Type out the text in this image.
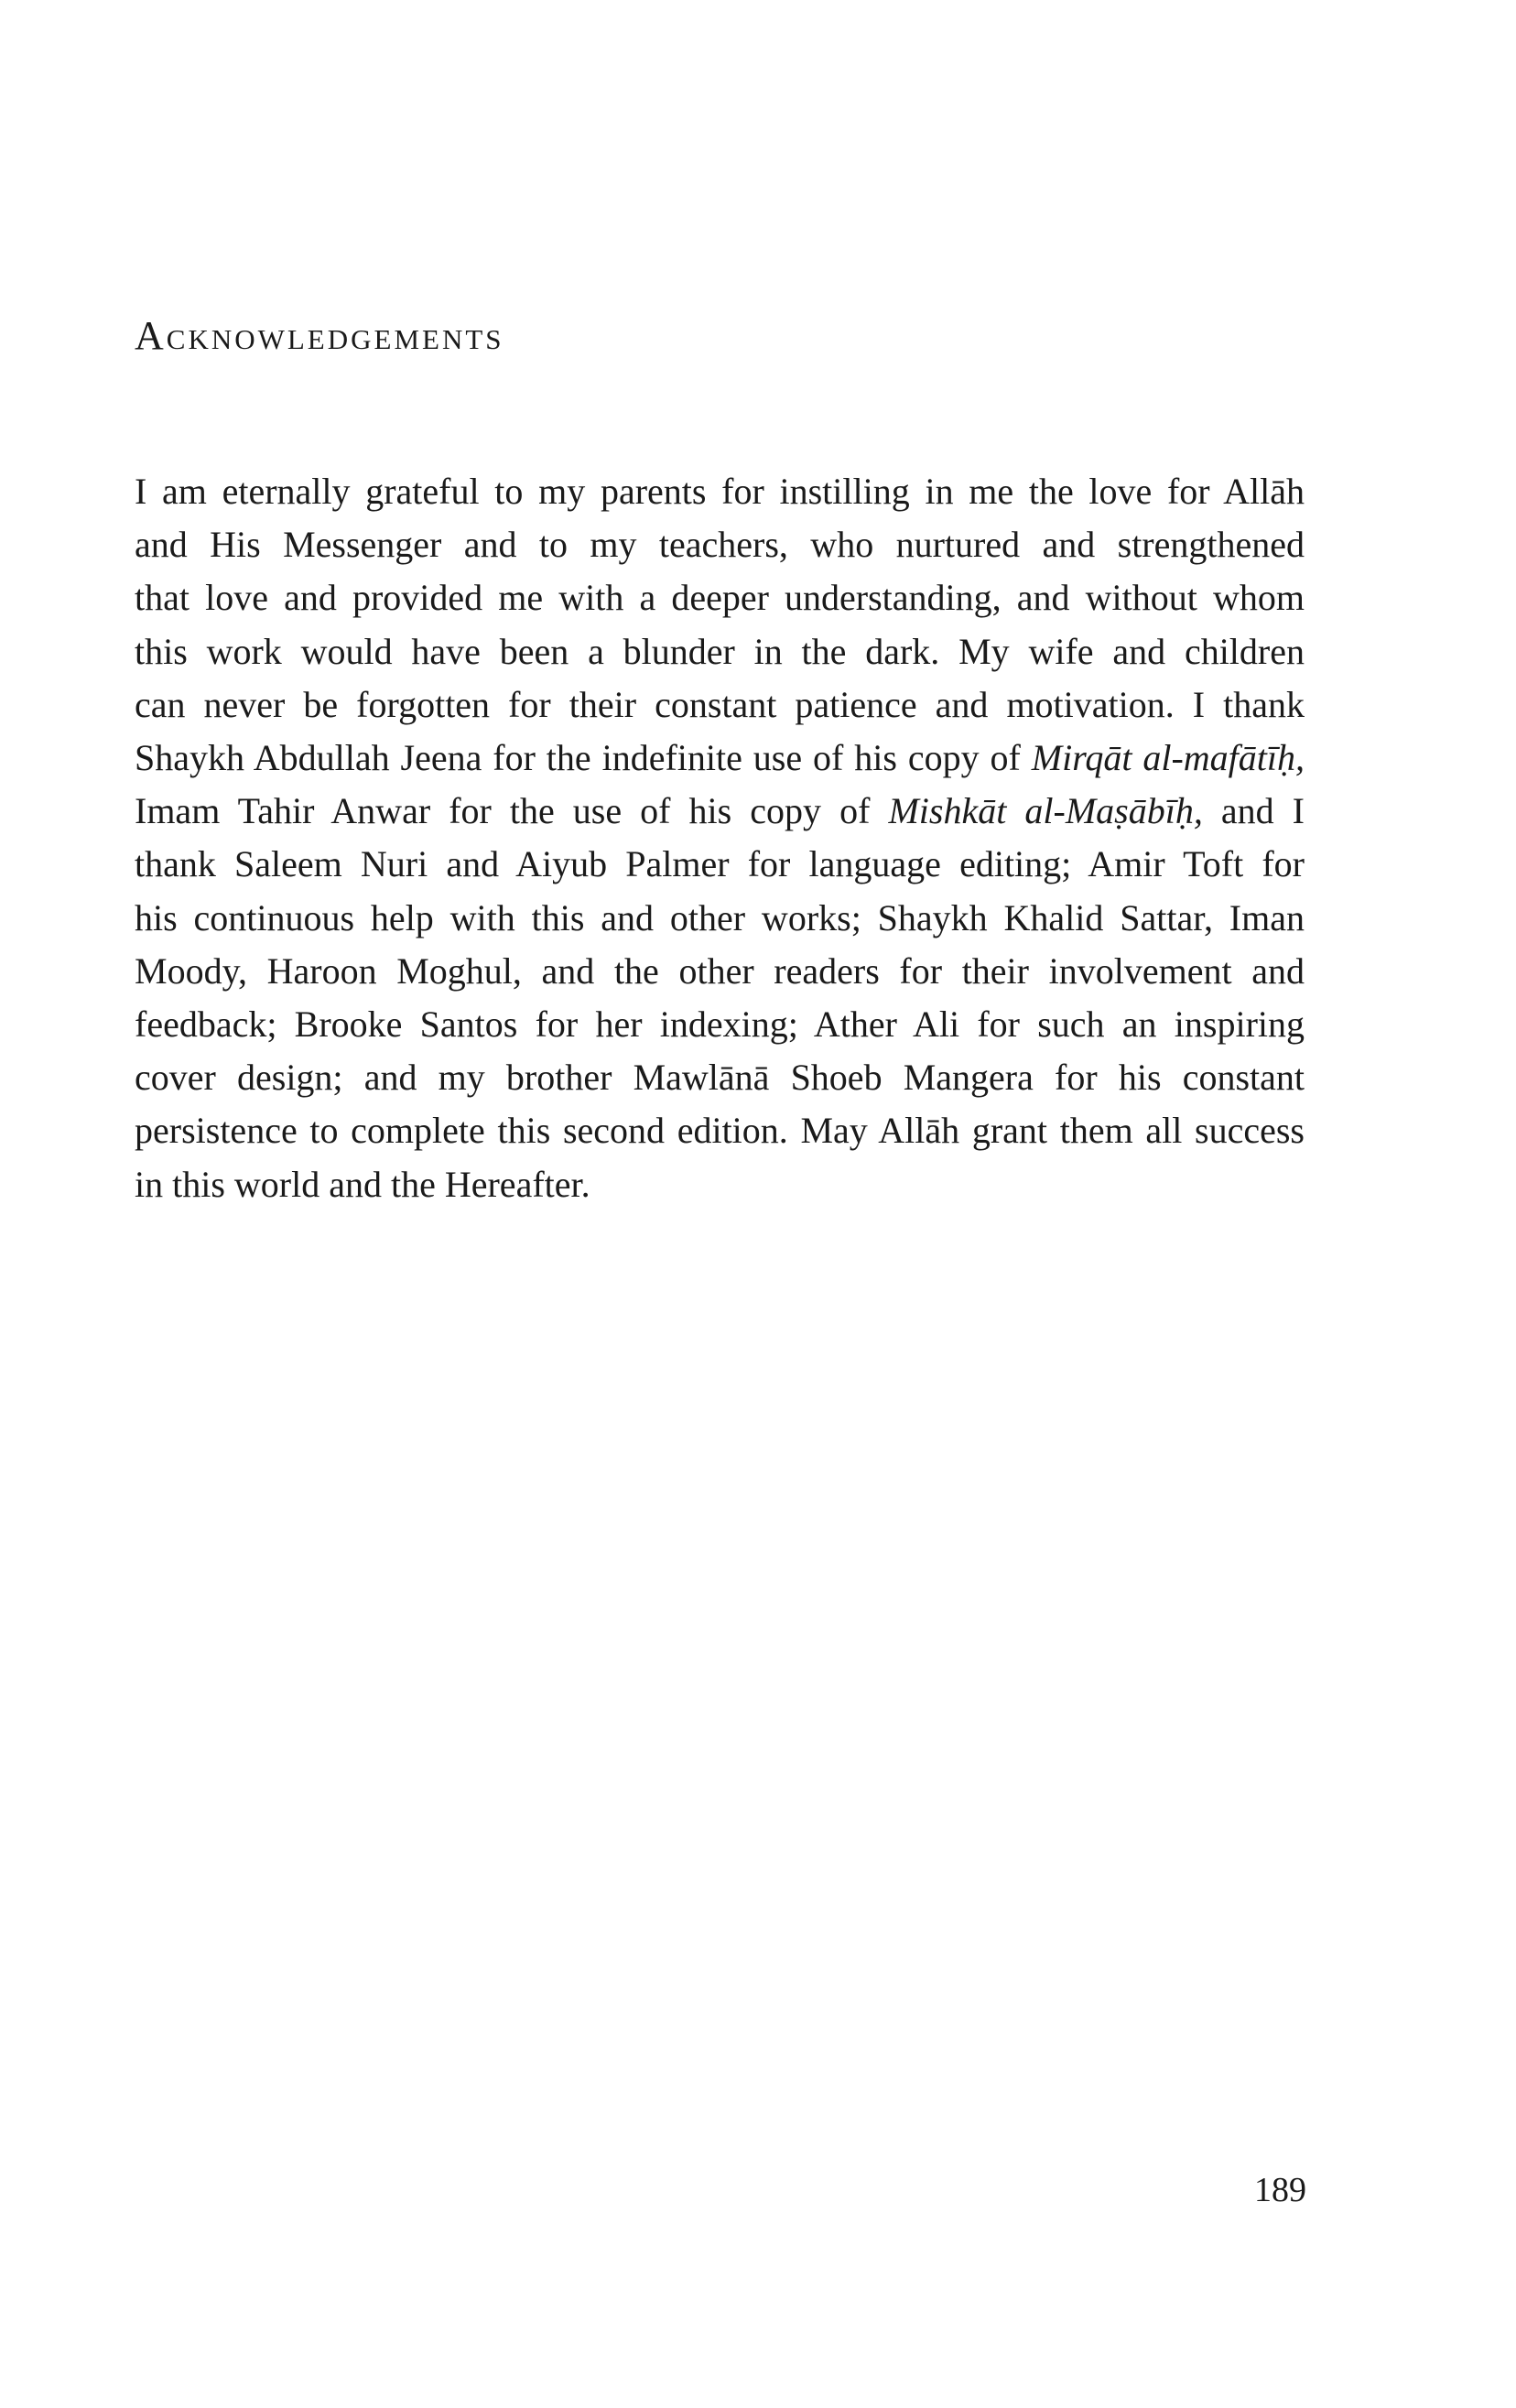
Acknowledgements
I am eternally grateful to my parents for instilling in me the love for Allāh
and His Messenger and to my teachers, who nurtured and strengthened
that love and provided me with a deeper understanding, and without whom
this work would have been a blunder in the dark. My wife and children
can never be forgotten for their constant patience and motivation. I thank
Shaykh Abdullah Jeena for the indefinite use of his copy of Mirqāt al-mafātīḥ,
Imam Tahir Anwar for the use of his copy of Mishkāt al-Maṣābīḥ, and I
thank Saleem Nuri and Aiyub Palmer for language editing; Amir Toft for
his continuous help with this and other works; Shaykh Khalid Sattar, Iman
Moody, Haroon Moghul, and the other readers for their involvement and
feedback; Brooke Santos for her indexing; Ather Ali for such an inspiring
cover design; and my brother Mawlānā Shoeb Mangera for his constant
persistence to complete this second edition. May Allāh grant them all success
in this world and the Hereafter.
189
